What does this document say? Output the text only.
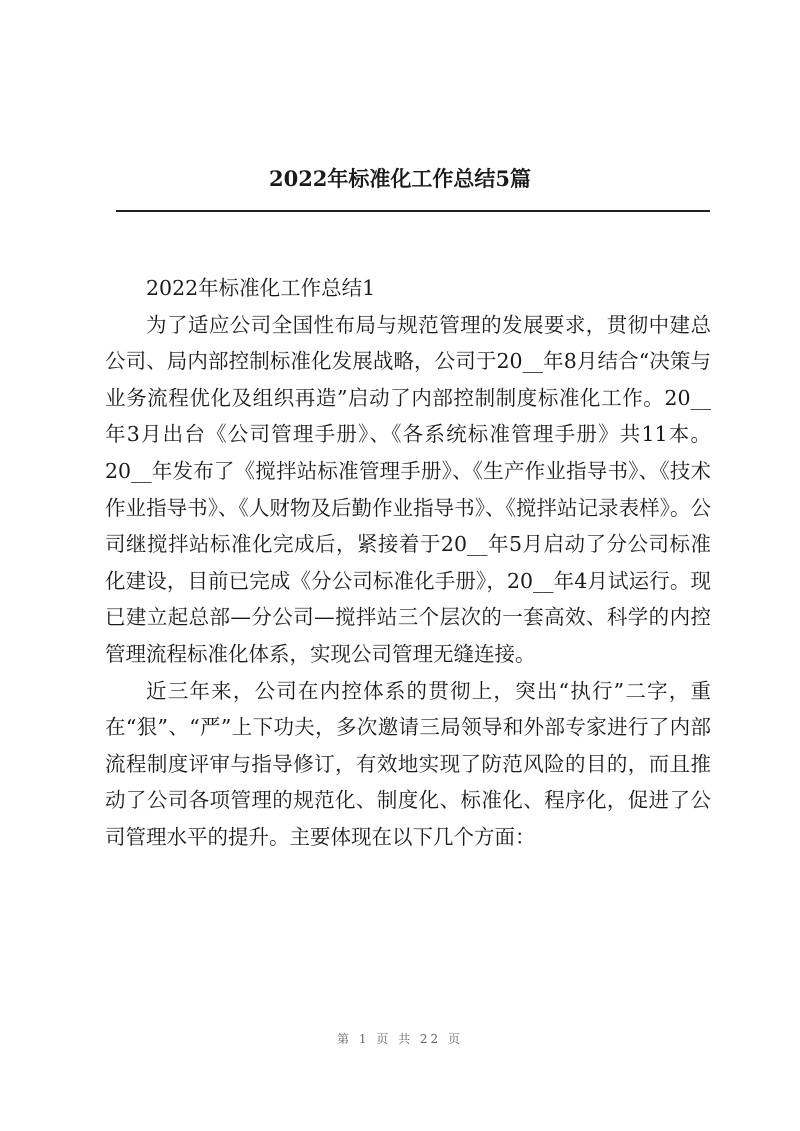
2022年标准化工作总结5篇

2022年标准化工作总结1

为了适应公司全国性布局与规范管理的发展要求，贯彻中建总公司、局内部控制标准化发展战略，公司于20__年8月结合“决策与业务流程优化及组织再造”启动了内部控制制度标准化工作。20__年3月出台《公司管理手册》、《各系统标准管理手册》共11本。20__年发布了《搅拌站标准管理手册》、《生产作业指导书》、《技术作业指导书》、《人财物及后勤作业指导书》、《搅拌站记录表样》。公司继搅拌站标准化完成后，紧接着于20__年5月启动了分公司标准化建设，目前已完成《分公司标准化手册》，20__年4月试运行。现已建立起总部—分公司—搅拌站三个层次的一套高效、科学的内控管理流程标准化体系，实现公司管理无缝连接。

近三年来，公司在内控体系的贯彻上，突出“执行”二字，重在“狠”、“严”上下功夫，多次邀请三局领导和外部专家进行了内部流程制度评审与指导修订，有效地实现了防范风险的目的，而且推动了公司各项管理的规范化、制度化、标准化、程序化，促进了公司管理水平的提升。主要体现在以下几个方面：

第 1 页 共 22 页
